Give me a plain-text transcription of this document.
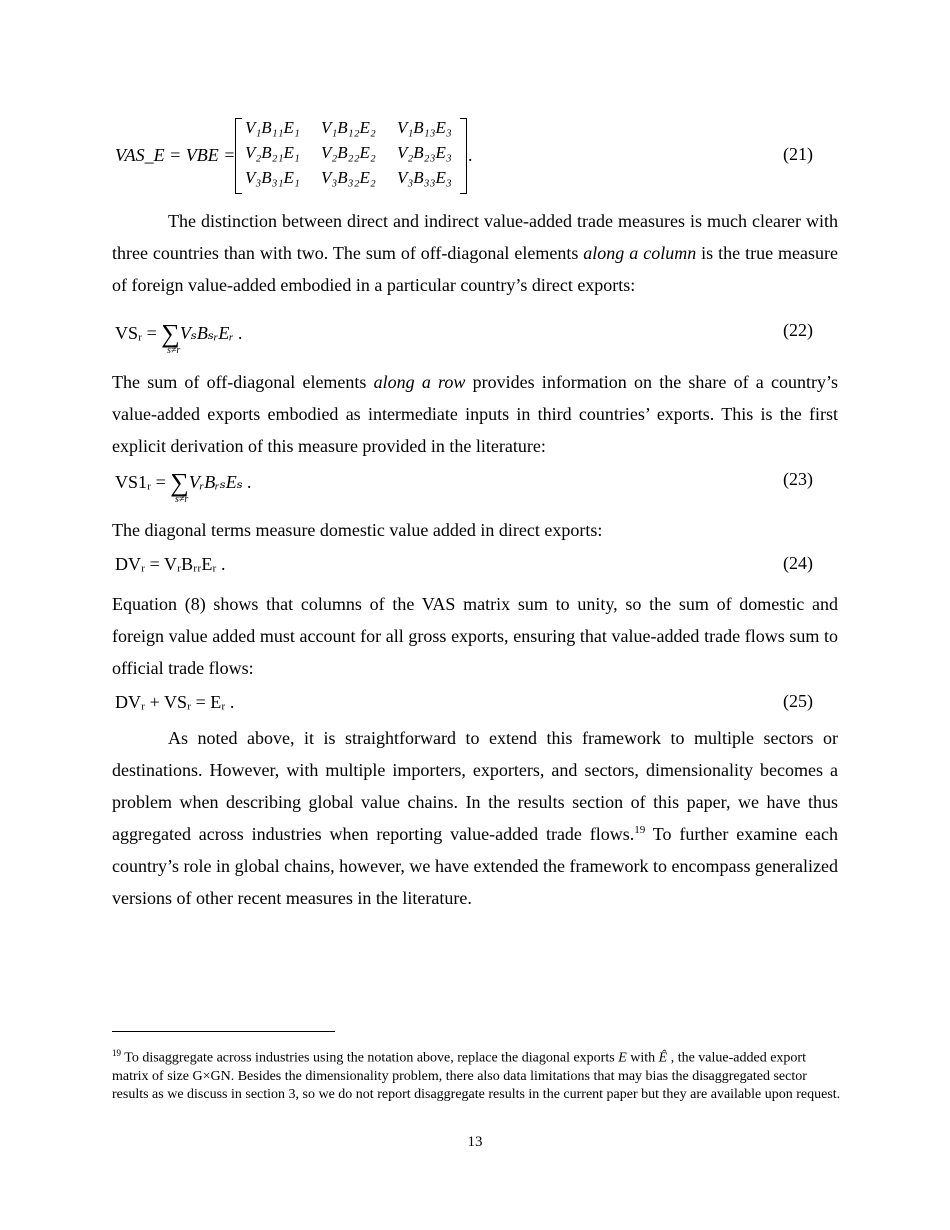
VAS_E = VBE =
V₁B₁₁E₁ V₁B₁₂E₂ V₁B₁₃E₃
V₂B₂₁E₁ V₂B₂₂E₂ V₂B₂₃E₃
V₃B₃₁E₁ V₃B₃₂E₂ V₃B₃₃E₃
.	(21)

The distinction between direct and indirect value-added trade measures is much clearer with three countries than with two. The sum of off-diagonal elements along a column is the true measure of foreign value-added embodied in a particular country’s direct exports:

VSᵣ = ∑VₛBₛᵣEᵣ .
s≠r
(22)

The sum of off-diagonal elements along a row provides information on the share of a country’s value-added exports embodied as intermediate inputs in third countries’ exports. This is the first explicit derivation of this measure provided in the literature:

VS1ᵣ = ∑VᵣBᵣₛEₛ .
s≠r
(23)

The diagonal terms measure domestic value added in direct exports:

DVᵣ = VᵣBᵣᵣEᵣ .	(24)

Equation (8) shows that columns of the VAS matrix sum to unity, so the sum of domestic and foreign value added must account for all gross exports, ensuring that value-added trade flows sum to official trade flows:

DVᵣ + VSᵣ = Eᵣ .	(25)

As noted above, it is straightforward to extend this framework to multiple sectors or destinations. However, with multiple importers, exporters, and sectors, dimensionality becomes a problem when describing global value chains. In the results section of this paper, we have thus aggregated across industries when reporting value-added trade flows.$^{19}$ To further examine each country’s role in global chains, however, we have extended the framework to encompass generalized versions of other recent measures in the literature.

$^{19}$ To disaggregate across industries using the notation above, replace the diagonal exports E with Ê , the value-added export matrix of size G×GN. Besides the dimensionality problem, there also data limitations that may bias the disaggregated sector results as we discuss in section 3, so we do not report disaggregate results in the current paper but they are available upon request.

13
